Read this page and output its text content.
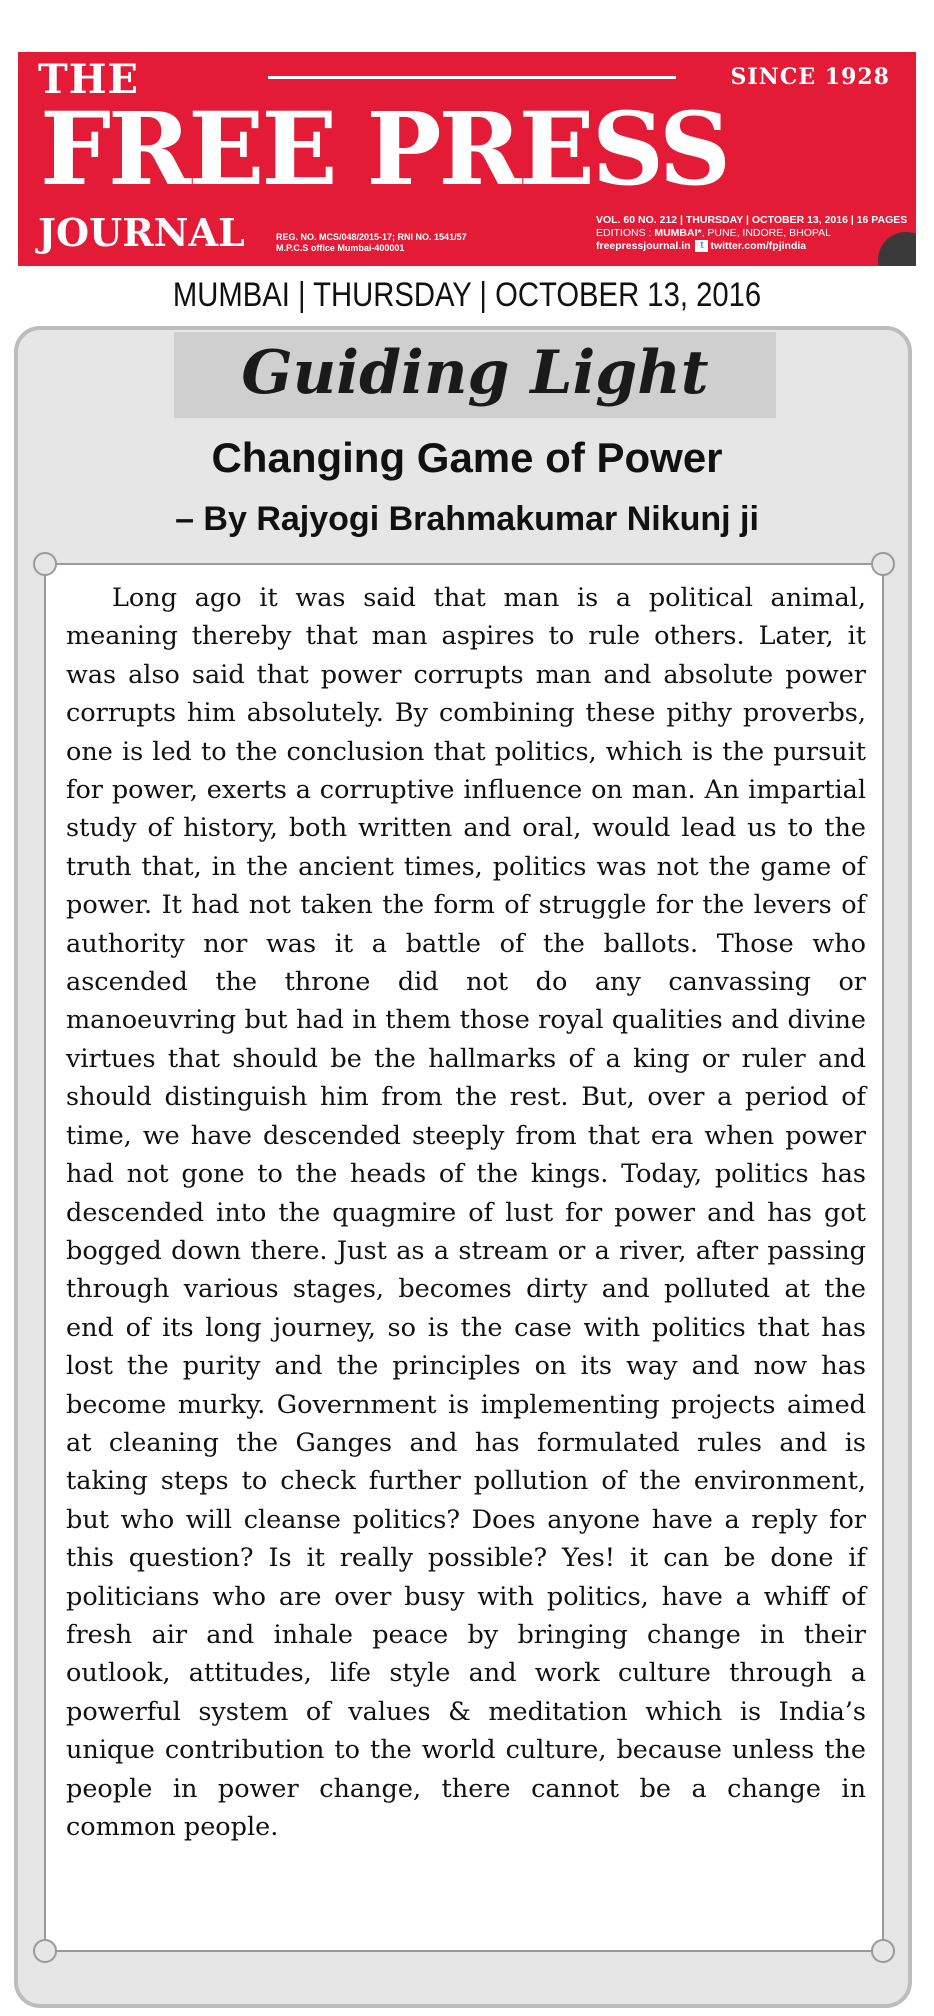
THE	SINCE 1928
FREE PRESS
JOURNAL	REG. NO. MCS/048/2015-17; RNI NO. 1541/57
M.P.C.S office Mumbai-400001
VOL. 60 NO. 212 | THURSDAY | OCTOBER 13, 2016 | 16 PAGES
EDITIONS : MUMBAI*, PUNE, INDORE, BHOPAL
freepressjournal.in t twitter.com/fpjindia
MUMBAI | THURSDAY | OCTOBER 13, 2016
Guiding Light
Changing Game of Power
– By Rajyogi Brahmakumar Nikunj ji

Long ago it was said that man is a political animal, meaning thereby that man aspires to rule others. Later, it was also said that power corrupts man and absolute power corrupts him absolutely. By combining these pithy proverbs, one is led to the conclusion that politics, which is the pursuit for power, exerts a corruptive influence on man. An impartial study of history, both written and oral, would lead us to the truth that, in the ancient times, politics was not the game of power. It had not taken the form of struggle for the levers of authority nor was it a battle of the ballots. Those who ascended the throne did not do any canvassing or manoeuvring but had in them those royal qualities and divine virtues that should be the hallmarks of a king or ruler and should distinguish him from the rest. But, over a period of time, we have descended steeply from that era when power had not gone to the heads of the kings. Today, politics has descended into the quagmire of lust for power and has got bogged down there. Just as a stream or a river, after passing through various stages, becomes dirty and polluted at the end of its long journey, so is the case with politics that has lost the purity and the principles on its way and now has become murky. Government is implementing projects aimed at cleaning the Ganges and has formulated rules and is taking steps to check further pollution of the environment, but who will cleanse politics? Does anyone have a reply for this question? Is it really possible? Yes! it can be done if politicians who are over busy with politics, have a whiff of fresh air and inhale peace by bringing change in their outlook, attitudes, life style and work culture through a powerful system of values & meditation which is India’s unique contribution to the world culture, because unless the people in power change, there cannot be a change in common people.
